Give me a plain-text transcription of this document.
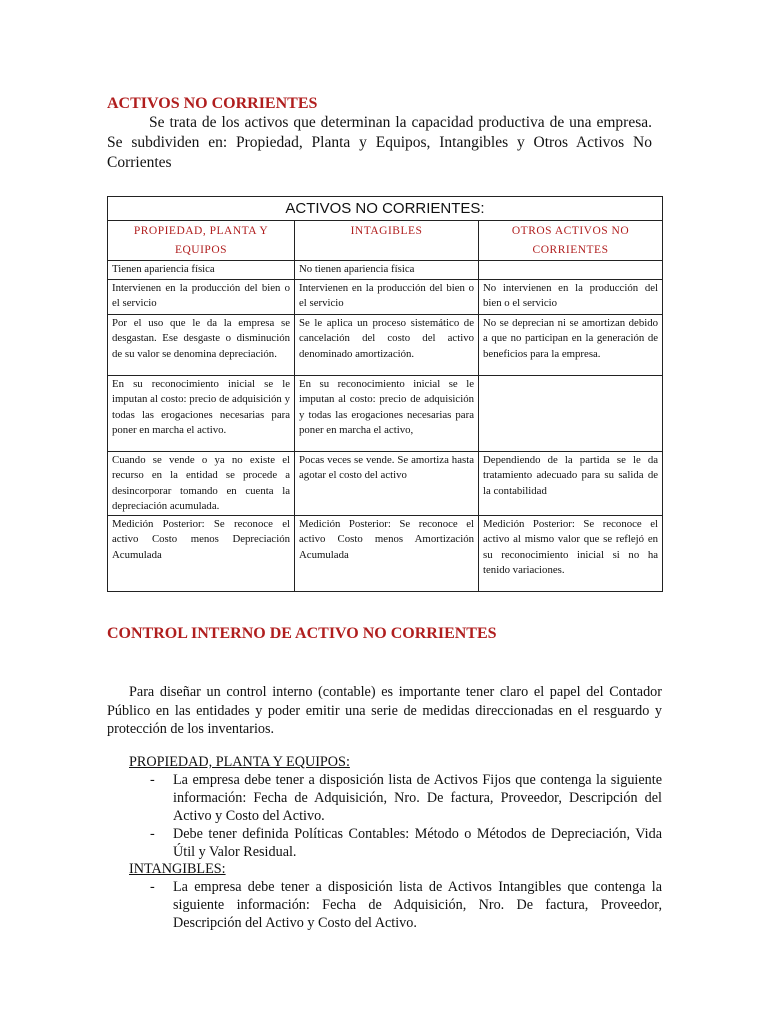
ACTIVOS NO CORRIENTES

Se trata de los activos que determinan la capacidad productiva de una empresa. Se subdividen en: Propiedad, Planta y Equipos, Intangibles y Otros Activos No Corrientes

ACTIVOS NO CORRIENTES:		
PROPIEDAD, PLANTA Y EQUIPOS	INTAGIBLES	OTROS ACTIVOS NO CORRIENTES
Tienen apariencia física	No tienen apariencia física	
Intervienen en la producción del bien o el servicio	Intervienen en la producción del bien o el servicio	No intervienen en la producción del bien o el servicio
Por el uso que le da la empresa se desgastan. Ese desgaste o disminución de su valor se denomina depreciación.	Se le aplica un proceso sistemático de cancelación del costo del activo denominado amortización.	No se deprecian ni se amortizan debido a que no participan en la generación de beneficios para la empresa.
En su reconocimiento inicial se le imputan al costo: precio de adquisición y todas las erogaciones necesarias para poner en marcha el activo.	En su reconocimiento inicial se le imputan al costo: precio de adquisición y todas las erogaciones necesarias para poner en marcha el activo,	
Cuando se vende o ya no existe el recurso en la entidad se procede a desincorporar tomando en cuenta la depreciación acumulada.	Pocas veces se vende. Se amortiza hasta agotar el costo del activo	Dependiendo de la partida se le da tratamiento adecuado para su salida de la contabilidad
Medición Posterior: Se reconoce el activo Costo menos Depreciación Acumulada	Medición Posterior: Se reconoce el activo Costo menos Amortización Acumulada	Medición Posterior: Se reconoce el activo al mismo valor que se reflejó en su reconocimiento inicial si no ha tenido variaciones.
CONTROL INTERNO DE ACTIVO NO CORRIENTES

Para diseñar un control interno (contable) es importante tener claro el papel del Contador Público en las entidades y poder emitir una serie de medidas direccionadas en el resguardo y protección de los inventarios.

PROPIEDAD, PLANTA Y EQUIPOS:

- La empresa debe tener a disposición lista de Activos Fijos que contenga la siguiente información: Fecha de Adquisición, Nro. De factura, Proveedor, Descripción del Activo y Costo del Activo.
- Debe tener definida Políticas Contables: Método o Métodos de Depreciación, Vida Útil y Valor Residual.

INTANGIBLES:

- La empresa debe tener a disposición lista de Activos Intangibles que contenga la siguiente información: Fecha de Adquisición, Nro. De factura, Proveedor, Descripción del Activo y Costo del Activo.
